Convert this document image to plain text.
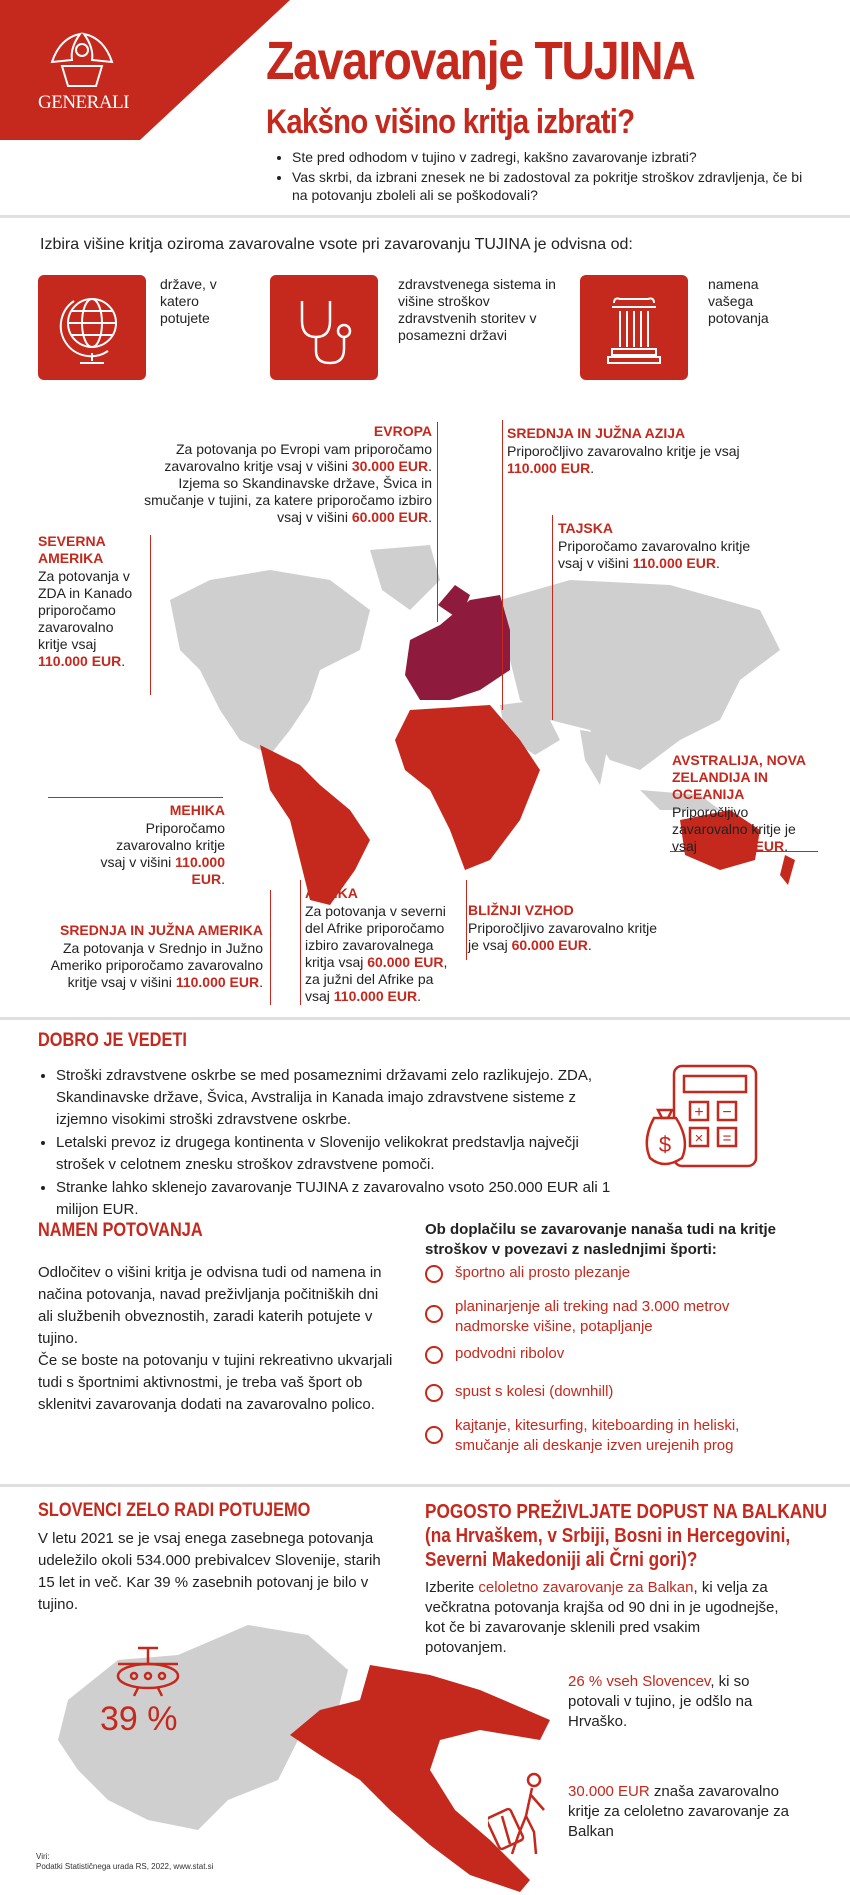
GENERALI
Zavarovanje TUJINA
Kakšno višino kritja izbrati?
• Ste pred odhodom v tujino v zadregi, kakšno zavarovanje izbrati?
• Vas skrbi, da izbrani znesek ne bi zadostoval za pokritje stroškov zdravljenja, če bi na potovanju zboleli ali se poškodovali?
Izbira višine kritja oziroma zavarovalne vsote pri zavarovanju TUJINA je odvisna od:
države, v katero potujete
zdravstvenega sistema in višine stroškov zdravstvenih storitev v posamezni državi
namena vašega potovanja
EVROPA
Za potovanja po Evropi vam priporočamo zavarovalno kritje vsaj v višini 30.000 EUR. Izjema so Skandinavske države, Švica in smučanje v tujini, za katere priporočamo izbiro vsaj v višini 60.000 EUR.
SREDNJA IN JUŽNA AZIJA
Priporočljivo zavarovalno kritje je vsaj 110.000 EUR.
TAJSKA
Priporočamo zavarovalno kritje vsaj v višini 110.000 EUR.
SEVERNA AMERIKA
Za potovanja v ZDA in Kanado priporočamo zavarovalno kritje vsaj 110.000 EUR.
AVSTRALIJA, NOVA ZELANDIJA IN OCEANIJA
Priporočljivo zavarovalno kritje je vsaj 110.000 EUR.
MEHIKA
Priporočamo zavarovalno kritje vsaj v višini 110.000 EUR.
AFRIKA
Za potovanja v severni del Afrike priporočamo izbiro zavarovalnega kritja vsaj 60.000 EUR, za južni del Afrike pa vsaj 110.000 EUR.
BLIŽNJI VZHOD
Priporočljivo zavarovalno kritje je vsaj 60.000 EUR.
SREDNJA IN JUŽNA AMERIKA
Za potovanja v Srednjo in Južno Ameriko priporočamo zavarovalno kritje vsaj v višini 110.000 EUR.
DOBRO JE VEDETI
• Stroški zdravstvene oskrbe se med posameznimi državami zelo razlikujejo. ZDA, Skandinavske države, Švica, Avstralija in Kanada imajo zdravstvene sisteme z izjemno visokimi stroški zdravstvene oskrbe.
• Letalski prevoz iz drugega kontinenta v Slovenijo velikokrat predstavlja največji strošek v celotnem znesku stroškov zdravstvene pomoči.
• Stranke lahko sklenejo zavarovanje TUJINA z zavarovalno vsoto 250.000 EUR ali 1 milijon EUR.
$
+ −
× =
NAMEN POTOVANJA
Odločitev o višini kritja je odvisna tudi od namena in načina potovanja, navad preživljanja počitniških dni ali službenih obveznostih, zaradi katerih potujete v tujino.
Če se boste na potovanju v tujini rekreativno ukvarjali tudi s športnimi aktivnostmi, je treba vaš šport ob sklenitvi zavarovanja dodati na zavarovalno polico.
Ob doplačilu se zavarovanje nanaša tudi na kritje stroškov v povezavi z naslednjimi športi:
športno ali prosto plezanje
planinarjenje ali treking nad 3.000 metrov nadmorske višine, potapljanje
podvodni ribolov
spust s kolesi (downhill)
kajtanje, kitesurfing, kiteboarding in heliski, smučanje ali deskanje izven urejenih prog
SLOVENCI ZELO RADI POTUJEMO
V letu 2021 se je vsaj enega zasebnega potovanja udeležilo okoli 534.000 prebivalcev Slovenije, starih 15 let in več. Kar 39 % zasebnih potovanj je bilo v tujino.
39 %
Viri:
Podatki Statističnega urada RS, 2022, www.stat.si
POGOSTO PREŽIVLJATE DOPUST NA BALKANU
(na Hrvaškem, v Srbiji, Bosni in Hercegovini,
Severni Makedoniji ali Črni gori)?
Izberite celoletno zavarovanje za Balkan, ki velja za večkratna potovanja krajša od 90 dni in je ugodnejše, kot če bi zavarovanje sklenili pred vsakim potovanjem.
26 % vseh Slovencev, ki so potovali v tujino, je odšlo na Hrvaško.
30.000 EUR znaša zavarovalno kritje za celoletno zavarovanje za Balkan
